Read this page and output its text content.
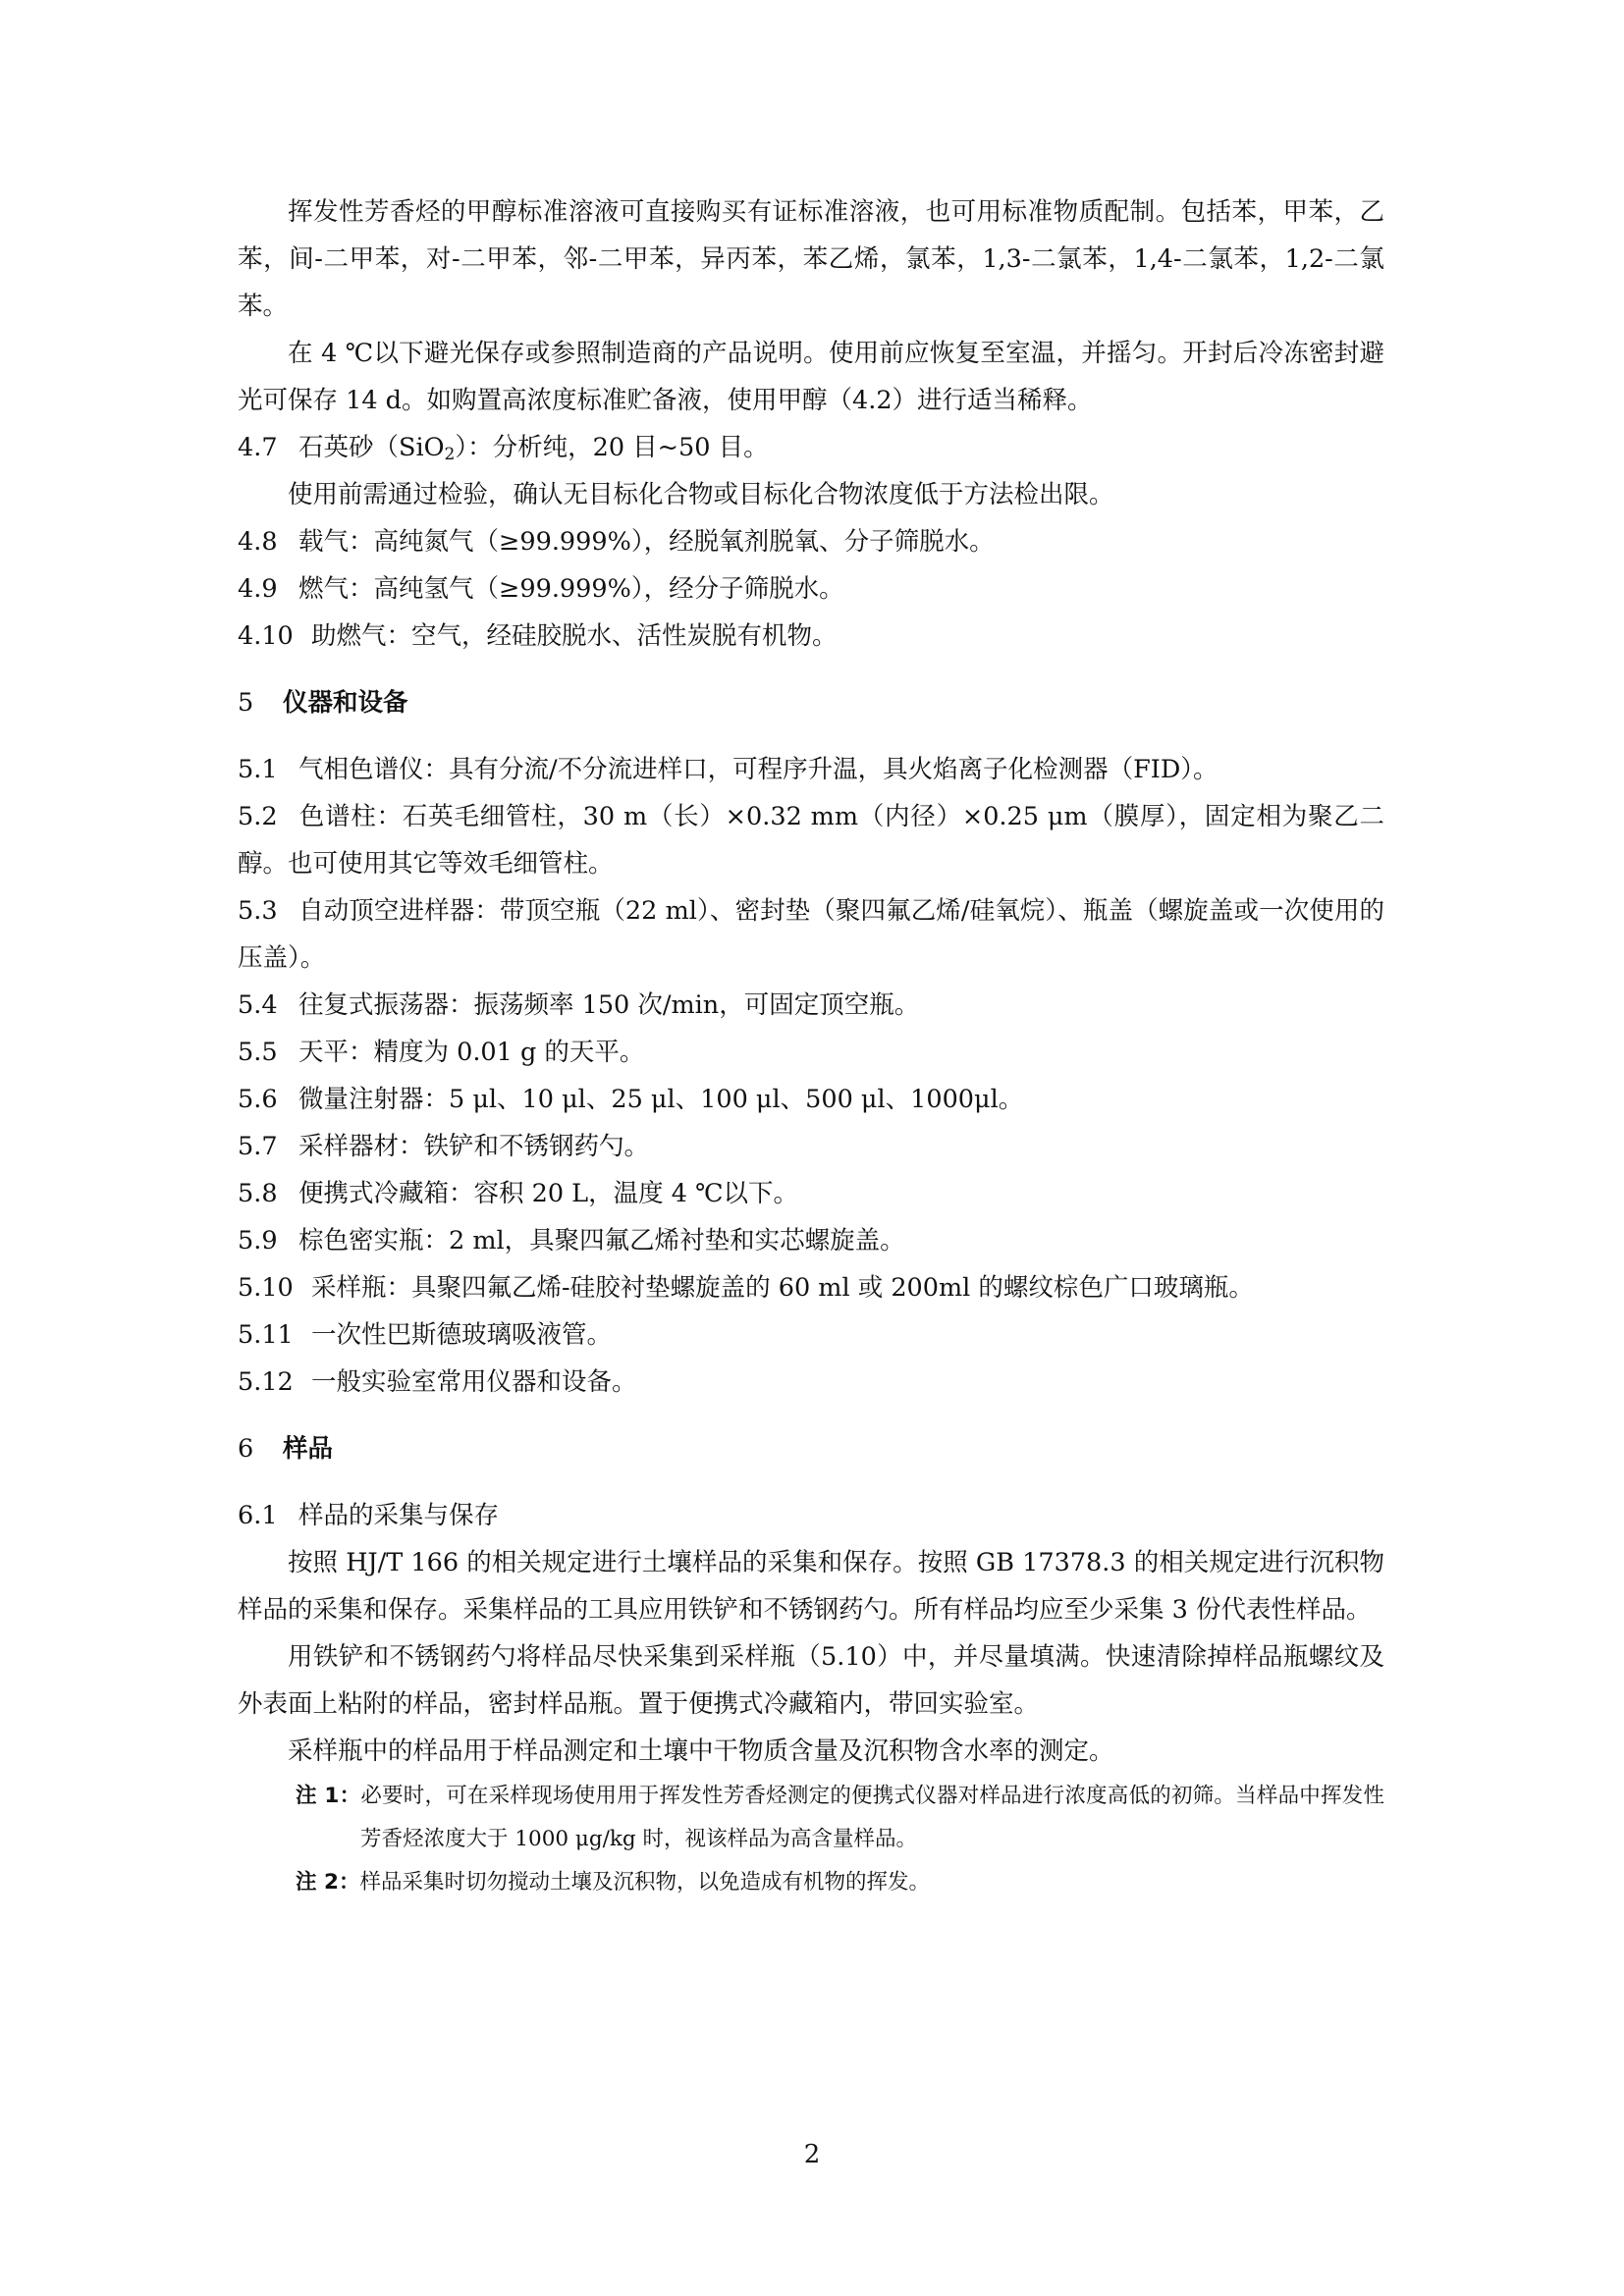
挥发性芳香烃的甲醇标准溶液可直接购买有证标准溶液，也可用标准物质配制。包括苯，甲苯，乙苯，间-二甲苯，对-二甲苯，邻-二甲苯，异丙苯，苯乙烯，氯苯，1,3-二氯苯，1,4-二氯苯，1,2-二氯苯。

在 4 ℃以下避光保存或参照制造商的产品说明。使用前应恢复至室温，并摇匀。开封后冷冻密封避光可保存 14 d。如购置高浓度标准贮备液，使用甲醇（4.2）进行适当稀释。

4.7 石英砂（SiO$_2$）：分析纯，20 目~50 目。

使用前需通过检验，确认无目标化合物或目标化合物浓度低于方法检出限。

4.8 载气：高纯氮气（≥99.999%），经脱氧剂脱氧、分子筛脱水。

4.9 燃气：高纯氢气（≥99.999%），经分子筛脱水。

4.10 助燃气：空气，经硅胶脱水、活性炭脱有机物。

5 仪器和设备

5.1 气相色谱仪：具有分流/不分流进样口，可程序升温，具火焰离子化检测器（FID）。

5.2 色谱柱：石英毛细管柱，30 m（长）×0.32 mm（内径）×0.25 μm（膜厚），固定相为聚乙二醇。也可使用其它等效毛细管柱。

5.3 自动顶空进样器：带顶空瓶（22 ml）、密封垫（聚四氟乙烯/硅氧烷）、瓶盖（螺旋盖或一次使用的压盖）。

5.4 往复式振荡器：振荡频率 150 次/min，可固定顶空瓶。

5.5 天平：精度为 0.01 g 的天平。

5.6 微量注射器：5 μl、10 μl、25 μl、100 μl、500 μl、1000μl。

5.7 采样器材：铁铲和不锈钢药勺。

5.8 便携式冷藏箱：容积 20 L，温度 4 ℃以下。

5.9 棕色密实瓶：2 ml，具聚四氟乙烯衬垫和实芯螺旋盖。

5.10 采样瓶：具聚四氟乙烯-硅胶衬垫螺旋盖的 60 ml 或 200ml 的螺纹棕色广口玻璃瓶。

5.11 一次性巴斯德玻璃吸液管。

5.12 一般实验室常用仪器和设备。

6 样品

6.1 样品的采集与保存

按照 HJ/T 166 的相关规定进行土壤样品的采集和保存。按照 GB 17378.3 的相关规定进行沉积物样品的采集和保存。采集样品的工具应用铁铲和不锈钢药勺。所有样品均应至少采集 3 份代表性样品。

用铁铲和不锈钢药勺将样品尽快采集到采样瓶（5.10）中，并尽量填满。快速清除掉样品瓶螺纹及外表面上粘附的样品，密封样品瓶。置于便携式冷藏箱内，带回实验室。

采样瓶中的样品用于样品测定和土壤中干物质含量及沉积物含水率的测定。

注 1：必要时，可在采样现场使用用于挥发性芳香烃测定的便携式仪器对样品进行浓度高低的初筛。当样品中挥发性芳香烃浓度大于 1000 μg/kg 时，视该样品为高含量样品。

注 2：样品采集时切勿搅动土壤及沉积物，以免造成有机物的挥发。

2
